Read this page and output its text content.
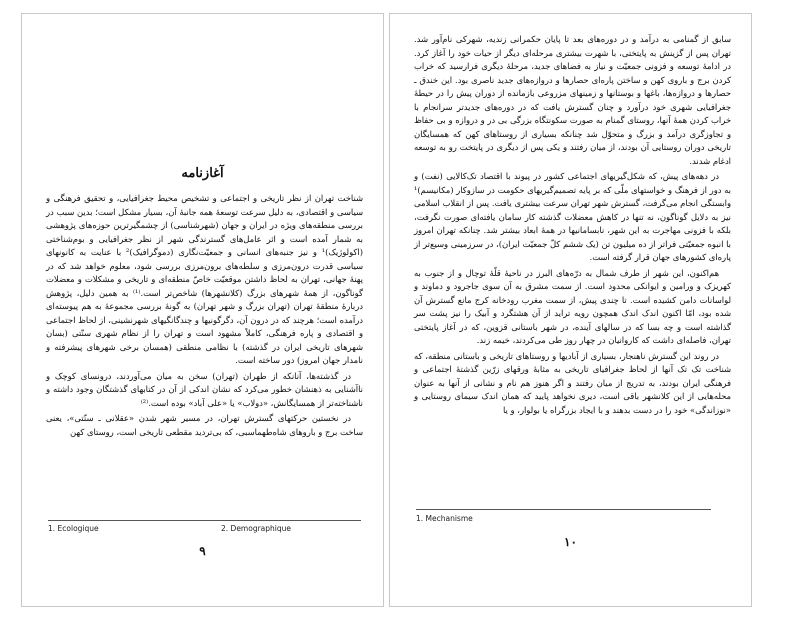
آغازنامه

شناخت تهران از نظر تاریخی و اجتماعی و تشخیص محیط جغرافیایی، و تحقیق فرهنگی و سیاسی و اقتصادی، به دلیل سرعت توسعهٔ همه جانبهٔ آن، بسیار مشکل است؛ بدین سبب در بررسی منطقه‌های ویژه در ایران و جهان (شهرشناسی) از چشمگیرترین حوزه‌های پژوهشی به شمار آمده است و اثر عامل‌های گسترندگی شهر از نظر جغرافیایی و بوم‌شناختی (اکولوژیک)¹ و نیز جنبه‌های انسانی و جمعیّت‌نگاری (دموگرافیک)² با عنایت به کانونهای سیاسی قدرت درون‌مرزی و سلطه‌های برون‌مرزی بررسی شود، معلوم خواهد شد که در پهنهٔ جهانی، تهران به لحاظ داشتن موقعیّت خاصّ منطقه‌ای و تاریخی و مشکلات و معضلات گوناگون، از همهٔ شهرهای بزرگ (کلانشهرها) شاخص‌تر است.⁽¹⁾ به همین دلیل، پژوهش دربارهٔ منطقهٔ تهران (تهران بزرگ و شهر تهران) به گونهٔ بررسی مجموعهٔ به هم پیوسته‌ای درآمده است؛ هرچند که در درون آن، دگرگونیها و چندگانگیهای شهرنشینی، از لحاظ اجتماعی و اقتصادی و پاره فرهنگی، کاملاً مشهود است و تهران را از نظام شهری سنّتی (بسان شهرهای تاریخی ایران در گذشته) با نظامی منطقی (همسان برخی شهرهای پیشرفته و نامدار جهان امروز) دور ساخته است.

در گذشته‌ها، آنانکه از طهران (تهران) سخن به میان می‌آوردند، درونسای کوچک و ناآشنایی به ذهنشان خطور می‌کرد که نشان اندکی از آن در کتابهای گذشتگان وجود داشته و ناشناخته‌تر از همسایگانش، «دولاب» یا «علی آباد» بوده است.⁽²⁾

در نخستین حرکتهای گسترش تهران، در مسیر شهر شدن «عقلانی ـ سنّتی»، یعنی ساخت برج و باروهای شاه‌طهماسبی، که بی‌تردید مقطعی تاریخی است، روستای کهن

1. Ecologique	2. Demographique
۹

سابق از گمنامی به درآمد و در دوره‌های بعد تا پایان حکمرانی زندیه، شهرکی نام‌آور شد. تهران پس از گزینش به پایتختی، با شهرت بیشتری مرحله‌ای دیگر از حیات خود را آغاز کرد. در ادامهٔ توسعه و فزونی جمعیّت و نیاز به فضاهای جدید، مرحلهٔ دیگری فرارسید که خراب کردن برج و باروی کهن و ساختن پاره‌ای حصارها و دروازه‌های جدید ناصری بود. این خندق ـ حصارها و دروازه‌ها، باغها و بوستانها و زمینهای مزروعی بازمانده از دوران پیش را در حیطهٔ جغرافیایی شهری خود درآورد و چنان گسترش یافت که در دوره‌های جدیدتر سرانجام با خراب کردن همهٔ آنها، روستای گمنام به صورت سکونتگاه بزرگی بی در و دروازه و بی حفاظ و تجاوزگری درآمد و بزرگ و متحوّل شد چنانکه بسیاری از روستاهای کهن که همسایگان تاریخی دوران روستایی آن بودند، از میان رفتند و یکی پس از دیگری در پایتخت رو به توسعه ادغام شدند.

در دهه‌های پیش، که شکل‌گیریهای اجتماعی کشور در پیوند با اقتصاد تک‌کالایی (نفت) و به دور از فرهنگ و خواستهای ملّی که بر پایه تصمیم‌گیریهای حکومت در سازوکار (مکانیسم)¹ وابستگی انجام می‌گرفت، گسترش شهر تهران سرعت بیشتری یافت. پس از انقلاب اسلامی نیز به دلایل گوناگون، نه تنها در کاهش معضلات گذشته کار سامان یافته‌ای صورت نگرفت، بلکه با فزونی مهاجرت به این شهر، نابسامانیها در همهٔ ابعاد بیشتر شد. چنانکه تهران امروز با انبوه جمعیّتی فراتر از ده میلیون تن (یک ششم کلّ جمعیّت ایران)، در سرزمینی وسیع‌تر از پاره‌ای کشورهای جهان قرار گرفته است.

هم‌اکنون، این شهر از طرف شمال به درّه‌های البرز در ناحیهٔ قلّهٔ توچال و از جنوب به کهریزک و ورامین و ایوانکی محدود است. از سمت مشرق به آن سوی جاجرود و دماوند و لواسانات دامن کشیده است. تا چندی پیش، از سمت مغرب رودخانه کرج مانع گسترش آن شده بود، امّا اکنون اندک اندک همچون رویه تراید از آن هشتگرد و آبیک را نیز پشت سر گذاشته است و چه بسا که در سالهای آینده، در شهر باستانی قزوین، که در آغاز پایتختی تهران، فاصله‌ای داشت که کاروانیان در چهار روز طی می‌کردند، خیمه زند.

در روند این گسترش ناهنجار، بسیاری از آبادیها و روستاهای تاریخی و باستانی منطقه، که شناخت تک تک آنها از لحاظ جغرافیای تاریخی به مثابهٔ ورقهای زرّین گذشتهٔ اجتماعی و فرهنگی ایران بودند، به تدریج از میان رفتند و اگر هنوز هم نام و نشانی از آنها به عنوان محله‌هایی از این کلانشهر باقی است، دیری نخواهد پایید که همان اندک سیمای روستایی و «نوزاندگی» خود را در دست بدهند و با ایجاد بزرگراه یا بولوار، و یا

1. Mechanisme
۱۰
